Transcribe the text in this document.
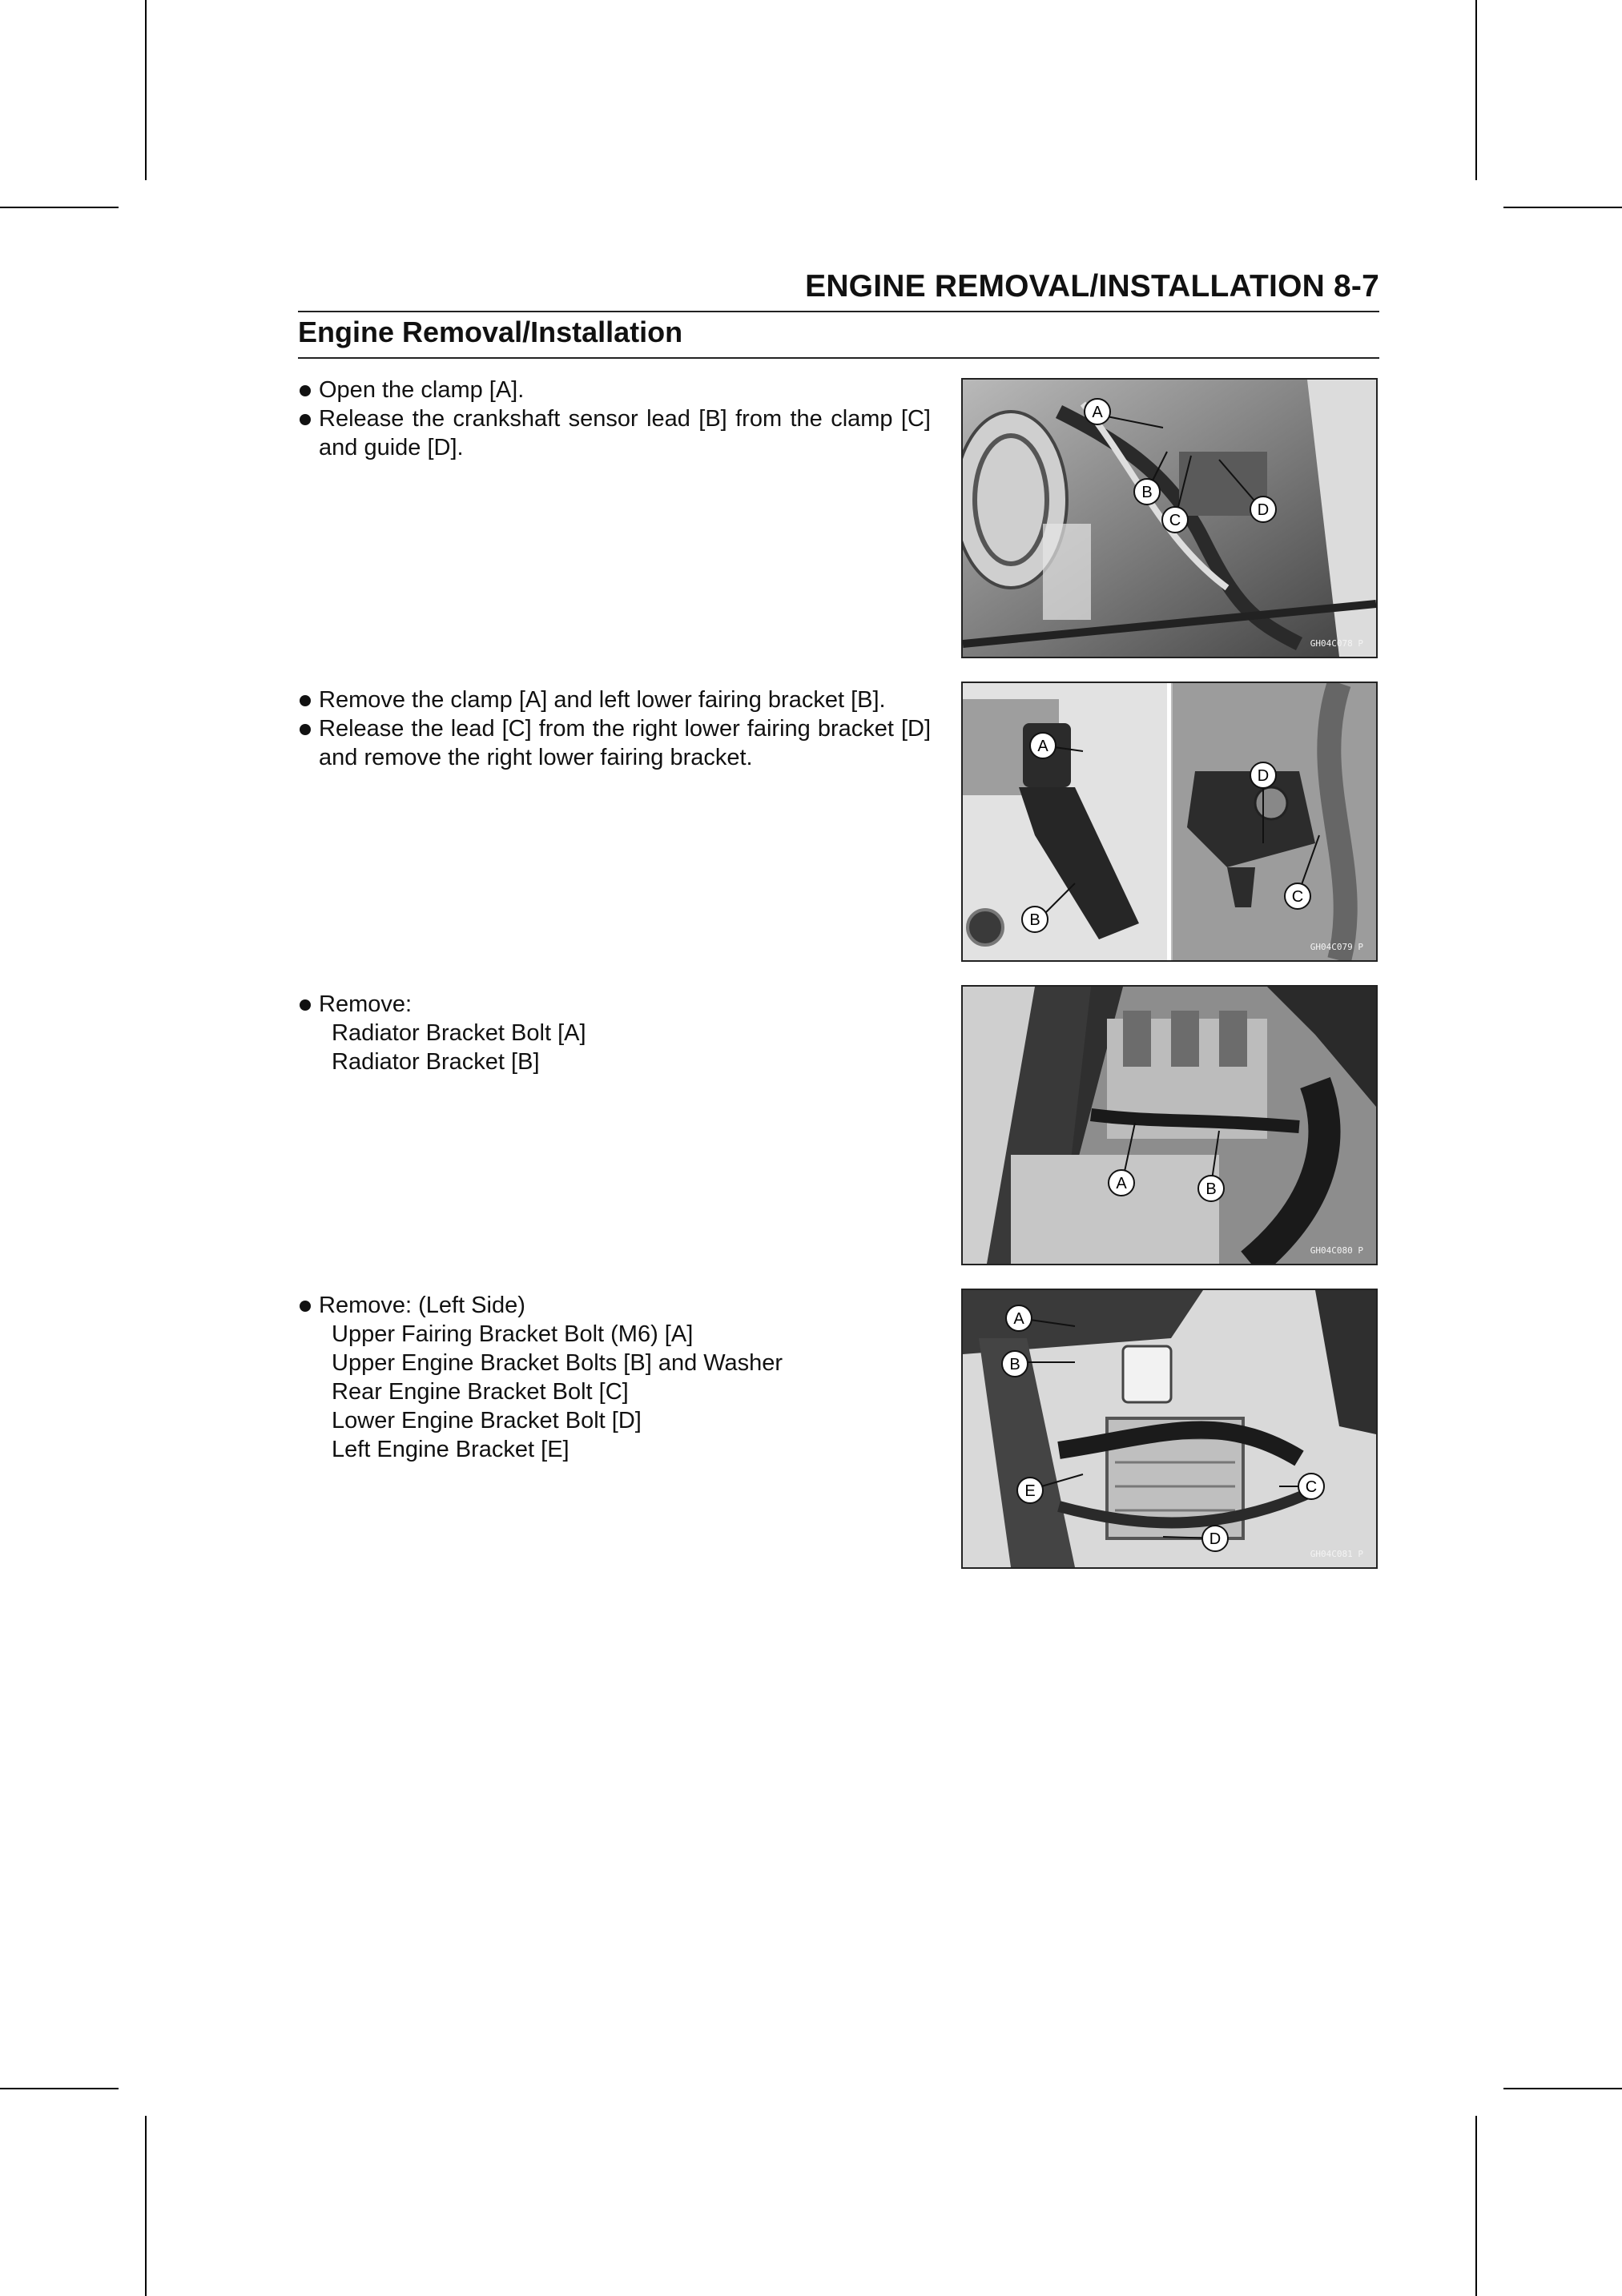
ENGINE REMOVAL/INSTALLATION 8-7
Engine Removal/Installation
Open the clamp [A].
Release the crankshaft sensor lead [B] from the clamp [C] and guide [D].
A
B
C
D
GH04C078 P
Remove the clamp [A] and left lower fairing bracket [B].
Release the lead [C] from the right lower fairing bracket [D] and remove the right lower fairing bracket.	A
B
C
D
GH04C079 P
Remove:
Radiator Bracket Bolt [A]
Radiator Bracket [B]
A	B
GH04C080 P
Remove: (Left Side)
Upper Fairing Bracket Bolt (M6) [A]
Upper Engine Bracket Bolts [B] and Washer
Rear Engine Bracket Bolt [C]
Lower Engine Bracket Bolt [D]
Left Engine Bracket [E]
A
B
C
D
E
GH04C081 P
